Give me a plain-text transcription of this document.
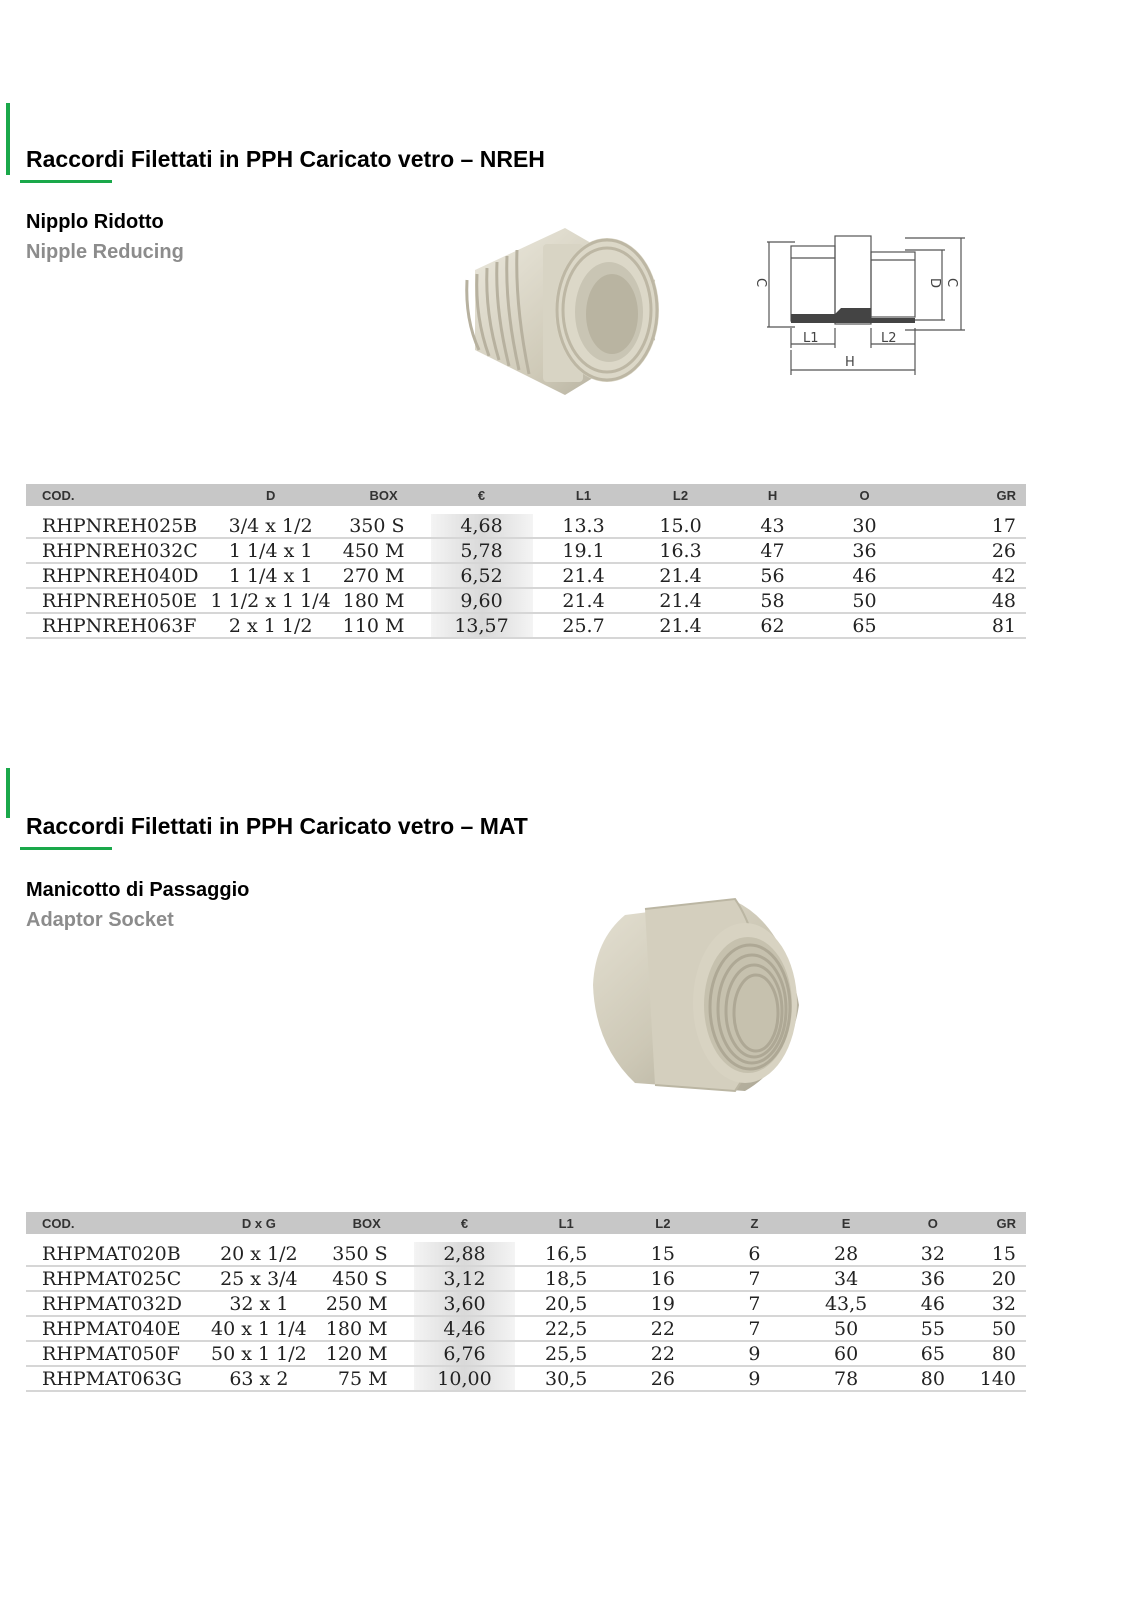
Raccordi Filettati in PPH Caricato vetro – NREH
Nipplo Ridotto
Nipple Reducing
C	D C
L1	L2
H
COD.	D	BOX	€	L1	L2	H	O	GR

RHPNREH025B	3/4 x 1/2	350 S	4,68	13.3	15.0	43	30	17
RHPNREH032C	1 1/4 x 1	450 M	5,78	19.1	16.3	47	36	26
RHPNREH040D	1 1/4 x 1	270 M	6,52	21.4	21.4	56	46	42
RHPNREH050E	1 1/2 x 1 1/4	180 M	9,60	21.4	21.4	58	50	48
RHPNREH063F	2 x 1 1/2	110 M	13,57	25.7	21.4	62	65	81
Raccordi Filettati in PPH Caricato vetro – MAT
Manicotto di Passaggio
Adaptor Socket
COD.	D x G	BOX	€	L1	L2	Z	E	O	GR

RHPMAT020B	20 x 1/2	350 S	2,88	16,5	15	6	28	32	15
RHPMAT025C	25 x 3/4	450 S	3,12	18,5	16	7	34	36	20
RHPMAT032D	32 x 1	250 M	3,60	20,5	19	7	43,5	46	32
RHPMAT040E	40 x 1 1/4	180 M	4,46	22,5	22	7	50	55	50
RHPMAT050F	50 x 1 1/2	120 M	6,76	25,5	22	9	60	65	80
RHPMAT063G	63 x 2	75 M	10,00	30,5	26	9	78	80	140
